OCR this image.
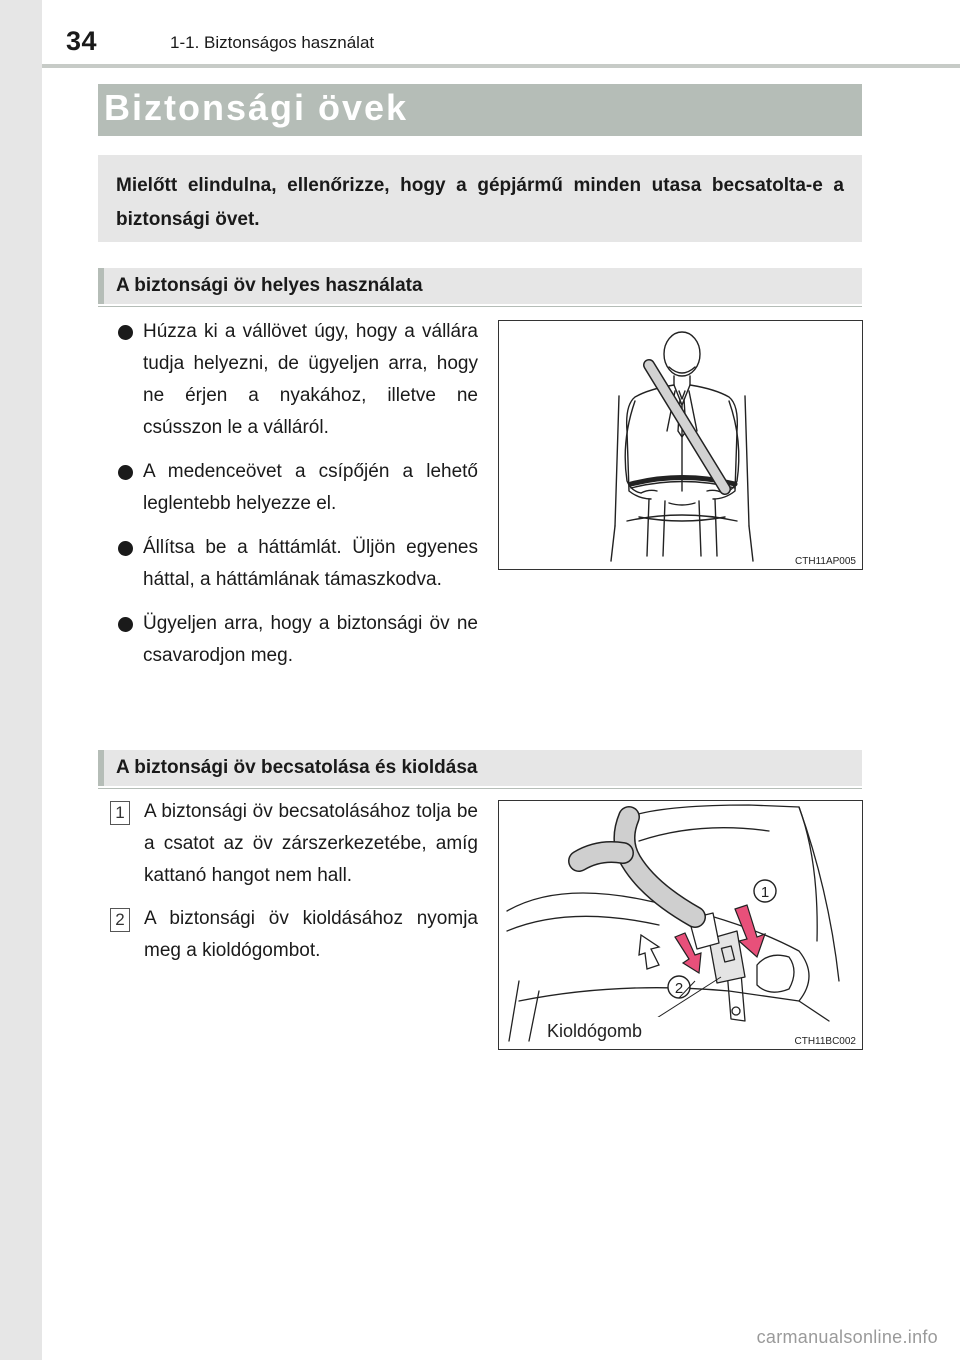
34	1-1. Biztonságos használat
Biztonsági övek
Mielőtt elindulna, ellenőrizze, hogy a gépjármű minden utasa becsatolta-e a biztonsági övet.
A biztonsági öv helyes használata
Húzza ki a vállövet úgy, hogy a vállára tudja helyezni, de ügyeljen arra, hogy ne érjen a nyakához, illetve ne csússzon le a válláról.
A medenceövet a csípőjén a lehető leglentebb helyezze el.
Állítsa be a háttámlát. Üljön egyenes háttal, a háttámlának támaszkodva.
Ügyeljen arra, hogy a biztonsági öv ne csavarodjon meg.
CTH11AP005
A biztonsági öv becsatolása és kioldása
1 A biztonsági öv becsatolásához tolja be a csatot az öv zárszerkezetébe, amíg kattanó hangot nem hall.
2 A biztonsági öv kioldásához nyomja meg a kioldógombot.
1
2
Kioldógomb
CTH11BC002
carmanualsonline.info
